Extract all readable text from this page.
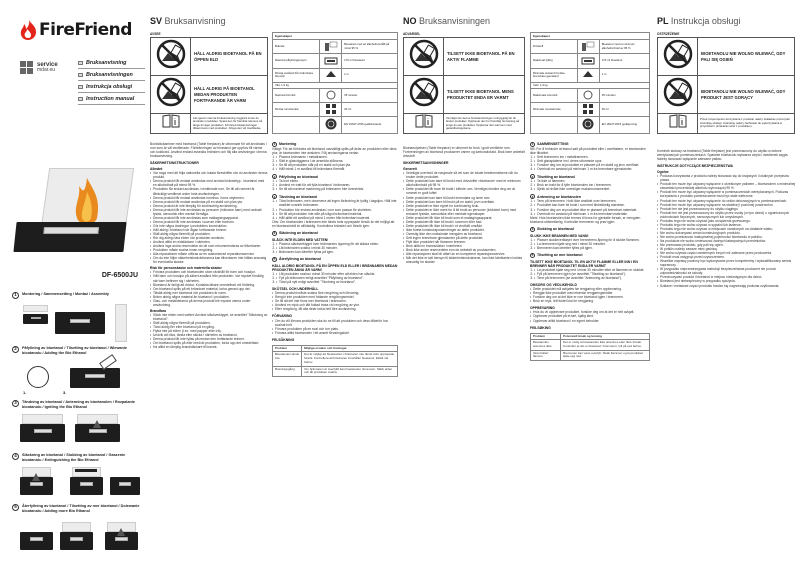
FireFriend
service
mdar.eu
Bruksanvisning
Bruksanvisningen
Instrukcja obsługi
Instruction manual
DF-6500JU
1	Montering / Sammensetting / Montaż / Assembly
1.	3.
2	Påfyllning av bioetanol / Tilsetting av bioetanol / Wlewanie biootanolu / Adding the Bio Ethanol
3	Tändning av bioetanol / Antenning av bioetanolen / Rozpalanie biootanolu / Igniting the Bio Ethanol
4	Släckning av bioetanol / Slokking av bioetanol / Gaszenie biootanolu / Extinguishing the Bio Ethanol
5	Återfyllning av bioetanol / Tilsetting av mer bioetanol / Dolewanie biootanolu / Adding more Bio Ethanol
SV Bruksanvisning
AVSEE
	HÄLL ALDRIG BIOETANOL PÅ EN ÖPPEN ELD
	HÄLL ALDRIG PÅ BIOETANOL MEDAN PRODUKTEN FORTFARANDE ÄR VARM
	Läs igenom denna bruksanvisning noggrant innan du använder produkten. Spara den för framtida referens så länge du äger produkten. Förvara bruksanvisningen tillsammans med produkten, bifoga den vid överlåtelse.
Egenskaper		
Bränsle		Bioetanol med ett alkoholinnehåll på minst 95 %
Maximal påfyllningsvolym		170 ml bioetanol
Minsta avstånd från brännbara föremål		1 m
Vikt: 1,9 kg		
Maximal brinntid		35 minuter
Minsta rumsstorlek		30 m²
		EN 16647:2015 godkännande

Bordsbiokaminer med bioetanol (Table fireplace) är utformade för att användas i rum som är väl ventilerade. Förbränningen av bioetanol ger upphov till värme och koldioxid. Använd endast avsedda bränslen och följ alla anvisningar i denna bruksanvisning.

SÄKERHETSINSTRUKTIONER
Allmänt
• Var noga med att följa nationella och lokala föreskrifter när du använder denna produkt.
• Denna produkt får endast användas med använd bränsletyp - bioetanol med en alkoholhalt på minst 95 %.
• Produkten får endast användas i ventilerade rum. Se till att rummet är tillräckligt ventilerat under hela användningen.
• Denna produkt får endast användas inomhus i torra utrymmen.
• Denna produkt får endast användas på en stabil och plan yta.
• Denna produkt är inte lämplig för kontinuerlig användning.
• Denna produkt får inte användas av personer (inklusive barn) med nedsatt fysisk, sensorisk eller mental förmåga.
• Denna produkt får inte användas som matlagningsapparat.
• Denna produkt får inte användas i sovrum eller badrum.
• Gör inte några ändringar i produktens konstruktion.
• Häll aldrig i bioetanol när lågan fortfarande brinner.
• Ställ aldrig några föremål på produkten.
• Rör dig aldrig nära elden när produkten används.
• Använd alltid en eldsläckare i närheten.
• Använd inga andra reservdelar än de som rekommenderas av tillverkaren.
• Produkten måste svalna innan rengöring.
• Alla reparationer måste utföras av en auktoriserad reparationsservice.
• Om du inte följer säkerhetsinstruktionerna kan tillverkaren inte hållas ansvarig för eventuella skador.
Risk för personskador och materiella skador
• Förvara produkten och bioetanolen utom räckhåll för barn och husdjur.
• Håll barn och husdjur på säkert avstånd från produkten. Var mycket försiktig när barn befinner sig i närheten.
• Bioetanol är farligt att dricka. Kontakta läkare omedelbart vid förtäring.
• Om bioetanol spills på ett brännbart material, torka genast upp det.
• Tillsätt aldrig mer bioetanol när produkten är varm.
• Bränn aldrig några material än bioetanol i produkten.
• Glas- och metalldelarna på denna produkt blir mycket varma under användning.
Brandfara
• Släck inte elden med vatten! Använd släckverktyget, se avsnittet "Släckning av bioetanol".
• Ställ aldrig några föremål på produkten.
• Tänd aldrig fler eller bioetanol på en gång.
• Flytta inte på elden (t.ex. med papper eller trä).
• Undvik att röka, tända eller skicka i närheten av bioetanol.
• Denna produkt får inte fyllas på medan den fortfarande brinner.
• Om bioetanol spills på eller bredvid produkten, torka upp det omedelbart.
• Ha alltid en lämplig brandsläckare till hands.
1	Montering

Viktigt: För att förhindra att bioetanol oavsiktligt spills på delar av produkten eller dess ytor, är bioetanolen inte ansluten. Följ anvisningarna nedan.

• 1. Placera brännaren i metallramen.
• 2. Sätt in glasväggarna i de avsedda skårorna.
• 3. Se till att produkten står på en stabil och plan yta.
• 4. Håll minst 1 m avstånd till brännbara föremål.
2	Påfyllning av bioetanol
• 1. Ta bort elden.
• 2. Använd en tratt för att fylla bioetanol i brännaren.
• 3. Se till att maximal markering på brännaren inte överskrids.
3	Tändning av bioetanol
• 1. Tänd brännaren, men observera att ingen förändring är tydlig i dagsljus. Håll inte ansiktet ovanför brännaren.
• 2. Produkten bör endast användas i rum som passar för storleken.
• 3. Se till att produkten inte står på något brännbart material.
• 4. Håll alltid ett avstånd på minst 1 meter från brännbart material.

Obs: Om bioetanolen i brännaren inte tänds trots upprepade försök är det möjligt att en bioetanolnivå är otillräcklig. Kontrollera bränslet och försök igen.

4	Släckning av bioetanol
SLÄCK INTE ELDEN MED VATTEN!
• 1. Placera släckverktyget över brännarens öppning för att släcka elden.
• 2. Låt brännaren svalna i minst 30 minuter.
• 3. Brännaren kan därefter fyllas på igen.
5	Återfyllning av bioetanol
HÄLL ALDRIG BIOETANOL PÅ EN ÖPPEN ELD ELLER I BRÄNNAREN MEDAN PRODUKTEN ÄNNU ÄR VARM!
• 1. Låt produkten svalna i minst 30 minuter efter att elden har släckts.
• 2. Fyll på brännaren enligt avsnittet "Påfyllning av bioetanol".
• 3. Tänd på nytt enligt avsnittet "Tändning av bioetanol".
SKÖTSEL OCH UNDERHÅLL
• Denna produkt måste svalna före rengöring och förvaring.
• Rengör inte produkten med frätande rengöringsmedel.
• Se till att det inte finns mer bioetanol i brännaren.
• Använd en mjuk och lätt fuktad trasa vid rengöring av ytor.
• Efter rengöring, låt alla delar torka helt före användning.
FÖRVARING
• Om du vill förvara produkten ska du se till att produkten och dess tillbehör har svalnat helt.
• Förvara produkten på en sval och torr plats.
• Förvara alltid bioetanolen i ett avsett förvaringskärl.
FELSÖKNING
Problem	Möjliga orsaker och lösningar
Bioetanolen tänds inte	Det är möjligt att bioetanolen i brännaren inte tänds trots upprepade försök. Kontrollera att brännaren innehåller bioetanol, tillsätt vid behov.
Branduppgång	Om brännaren är överfylld kan bioetanolen rinna över. Släck elden och låt produkten svalna.
NO Bruksanvisningen
ADVARSEL
	TILSETT IKKE BIOETANOL PÅ EN AKTIV FLAMME
	TILSETT IKKE BIOETANOL MENS PRODUKTET ENDA ER VARMT
	Vennligst les denne bruksanvisningen omhyggelig før du bruker produktet. Oppbevar den for framtidig henvisning så lenge du eier produktet. Oppbevar den sammen med garantibetingelsene.
Egenskaper		
Drivstoff		Bioetanol med et minimum alkoholinnhold av 95 %
Maksimal fylling		170 ml bioetanol
Minimale avstand fra ikke-brennbare gjenstand		1 m
Vekt: 1,9 kg		
Maksimale brenntid		35 minutter
Minimale romstørrelse		30 m²
		EN 16647:2015 godkjenning

Bioetanolpeisen (Table fireplace) er utformet for bruk i godt ventilerte rom. Forbrenningen av bioetanol produserer varme og karbondioksid. Bruk bare anbefalt drivstoff.

SIKKERHETSANVISNINGER
Generelt
• Vennligst overhold de nasjonale så vel som de lokale bestemmelsene når du bruker dette produktet.
• Dette produktet kan bare bli brukt med drivstoffet «bioetanol» med et minimum alkoholinnhold på 95 %.
• Dette produktet får bare bli brukt i luftede rom. Vennligst forsikre deg om at rommet er godt luftet.
• Dette produktet kan bare bli brukt innendørs og tørre rom.
• Dette produktet kan bare bli brukt på en stabil, jevn overflate.
• Dette produktet er ikke egnet for kontinuerlig bruk.
• Dette produktet er ikke ment for å bli brukt av personer (inkludert barn) med redusert fysiske, sensoriske eller mentale egenskaper.
• Dette produktet får ikke bli brukt som et matlagingsapparat.
• Dette produktet får ikke bli brukt i soverom eller bad.
• Dette produktet får ikke bli brukt i et vindfullt område.
• Ikke foreta konstruksjonsendringer av dette produktet.
• Overstig ikke den maksimale mengden av bioetanol.
• Sett ingen brennbare gjenstander på dette produktet.
• Flytt ikke produktet når flammen brenner.
• Bruk alltid en brannslukker i nærheten.
• Bruk ikke andre reservedeler enn de anbefalt av produsenten.
• Alle reparasjoner skal bli utført av en kompetent reparasjonsservice.
• Når det ikke er tatt hensyn til sikkerhetsinstruksene, kan ikke fabrikanten holdes ansvarlig for skader.
1	SAMMENSETTING

NB: For å forhindre at etanol sølt på produktet eller i overflatene, er bioetanolen ikke tilkoblet.

• 1. Sett brenneren inn i metallrammen.
• 2. Sett glassplatene inn i deres utformede spor.
• 3. Forsikre deg om at produktet er plassert på en stabil og jevn overflate.
• 4. Overhold en avstand på minimum 1 m fra brennbare gjenstander.
2	Tilsetting av bioetanol
• 1. Ta ikke ut flammen.
• 2. Bruk en trakt for å fylle bioetanolen inn i brenneren.
• 3. Sjekk at nivået ikke overstiger maksimumsmerket.
3	Antenning av bioetanolen
• 1. Tenn på brenneren. Hold ikke ansiktet over brenneren.
• 2. Produktet kan bare bli brukt i rom med tilstrekkelig størrelse.
• 3. Forsikre deg om at produktet ikke er plassert på brennbart materiale.
• 4. Overhold en avstand på minimum 1 m fra brennbart materiale.

Merk: Hvis bioetanolen ikke tennes til tross for gjentatte forsøk, er mengden bioetanol utilstrekkelig. Kontroller brenneren og prøv igjen.

4	Slokking av bioetanol
SLUKK IKKE BRANNEN MED VANN!
• 1. Plasser slukkeverktøyet over brennerens åpning for å slukke flammen.
• 2. La brenneren kjøle seg ned i minst 30 minutter.
• 3. Brenneren kan deretter fylles på igjen.
5	Tilsetting av mer bioetanol
TILSETT IKKE BIOETANOL TIL EN AKTIV FLAMME ELLER INN I EN BRENNER NÅR PRODUKTET ENDA ER VARMT
• 1. La produktet kjøle seg ned i minst 30 minutter etter at flammen er slukket.
• 2. Fyll på brenneren igjen (se avsnittet "Tilsetting av bioetanol").
• 3. Tenn på brenneren (se avsnittet "Antenning av bioetanol").
OMSORG OG VEDLIKEHOLD
• Dette produktet må avkjøles før rengjøring eller oppbevaring.
• Rengjør ikke produktet med etsende rengjøringsmidler.
• Forsikre deg om at det ikke er noe bioetanol igjen i brenneren.
• Bruk en myk, lett fuktet klut for rengjøring.
OPPBEVARING
• Hvis du vil oppbevare produktet, forsikre deg om at det er helt avkjølt.
• Oppbevar produktet på et tørt, kjølig sted.
• Oppbevar alltid bioetanol i en egnet beholder.
FEILSØKING
Problem	Potensiell årsak og løsning
Bioetanolen antennes ikke	Det er mulig at bioetanolen ikke antennes etter flere forsøk. Kontroller at det er bioetanol i brenneren, fyll på ved behov.
Ukontrollert flamme	Brenneren kan være overfylt. Slukk flammen og la produktet kjøle seg ned.
PL Instrukcja obsługi
OSTRZEŻENIE
	BIOETANOLU NIE WOLNO WLEWAĆ, GDY PALI SIĘ OGIEŃ
	BIOETANOLU NIE WOLNO WLEWAĆ, GDY PRODUKT JEST GORĄCY
	Przed rozpoczęciem korzystania z produktu należy dokładnie przeczytać instrukcję obsługi. Instrukcję należy zachować do wykorzystania w przyszłości i przekazać wraz z produktem.

Kominek stołowy na bioetanol (Table fireplace) jest przeznaczony do użytku w dobrze wentylowanych pomieszczeniach. Spalanie bioetanolu wytwarza ciepło i dwutlenek węgla. Należy stosować wyłącznie zalecane paliwo.

INSTRUKCJE DOTYCZĄCE BEZPIECZEŃSTWA
Ogólne
• Podczas korzystania z produktu należy stosować się do krajowych i lokalnych przepisów prawa.
• Produkt ten może być używany wyłącznie z określonym paliwem – bioetanolem o minimalnej zawartości procentowej alkoholu wynoszącej 95 %.
• Produkt ten może być używany wyłącznie w pomieszczeniach wentylowanych. Podczas korzystania z produktu pomieszczenie musi być stale wietrzone.
• Produkt ten może być używany wyłącznie do celów dekoracyjnych w pomieszczeniach.
• Produkt ten może być używany wyłącznie na stabilnej i poziomej powierzchni.
• Produkt ten nie jest przeznaczony do użytku ciągłego.
• Produkt ten nie jest przeznaczony do użytku przez osoby (w tym dzieci) o ograniczonych zdolnościach fizycznych, sensorycznych lub umysłowych.
• Produktu tego nie wolno używać jako urządzenia grzewczego.
• Produktu tego nie wolno używać w sypialni lub łazience.
• Produktu tego nie wolno używać w miejscach narażonych na działanie wiatru.
• Nie wolno dokonywać zmian konstrukcyjnych produktu.
• Nie wolno przekraczać maksymalnej pojemności bioetanolu w palniku.
• Na produkcie nie wolno umieszczać żadnych łatwopalnych przedmiotów.
• Nie przesuwać produktu, gdy pali się ogień.
• W pobliżu należy zawsze mieć gaśnicę.
• Nie wolno używać części zamiennych innych niż zalecane przez producenta.
• Produkt musi ostygnąć przed czyszczeniem.
• Wszelkie naprawy powinny być wykonywane przez kompetentny i wykwalifikowany serwis naprawczy.
• W przypadku nieprzestrzegania instrukcji bezpieczeństwa producent nie ponosi odpowiedzialności za szkody.
• Przechowywać produkt i bioetanol w miejscu niedostępnym dla dzieci.
• Bioetanol jest niebezpieczny w przypadku spożycia.
• Szklane i metalowe części produktu bardzo się nagrzewają podczas użytkowania.
